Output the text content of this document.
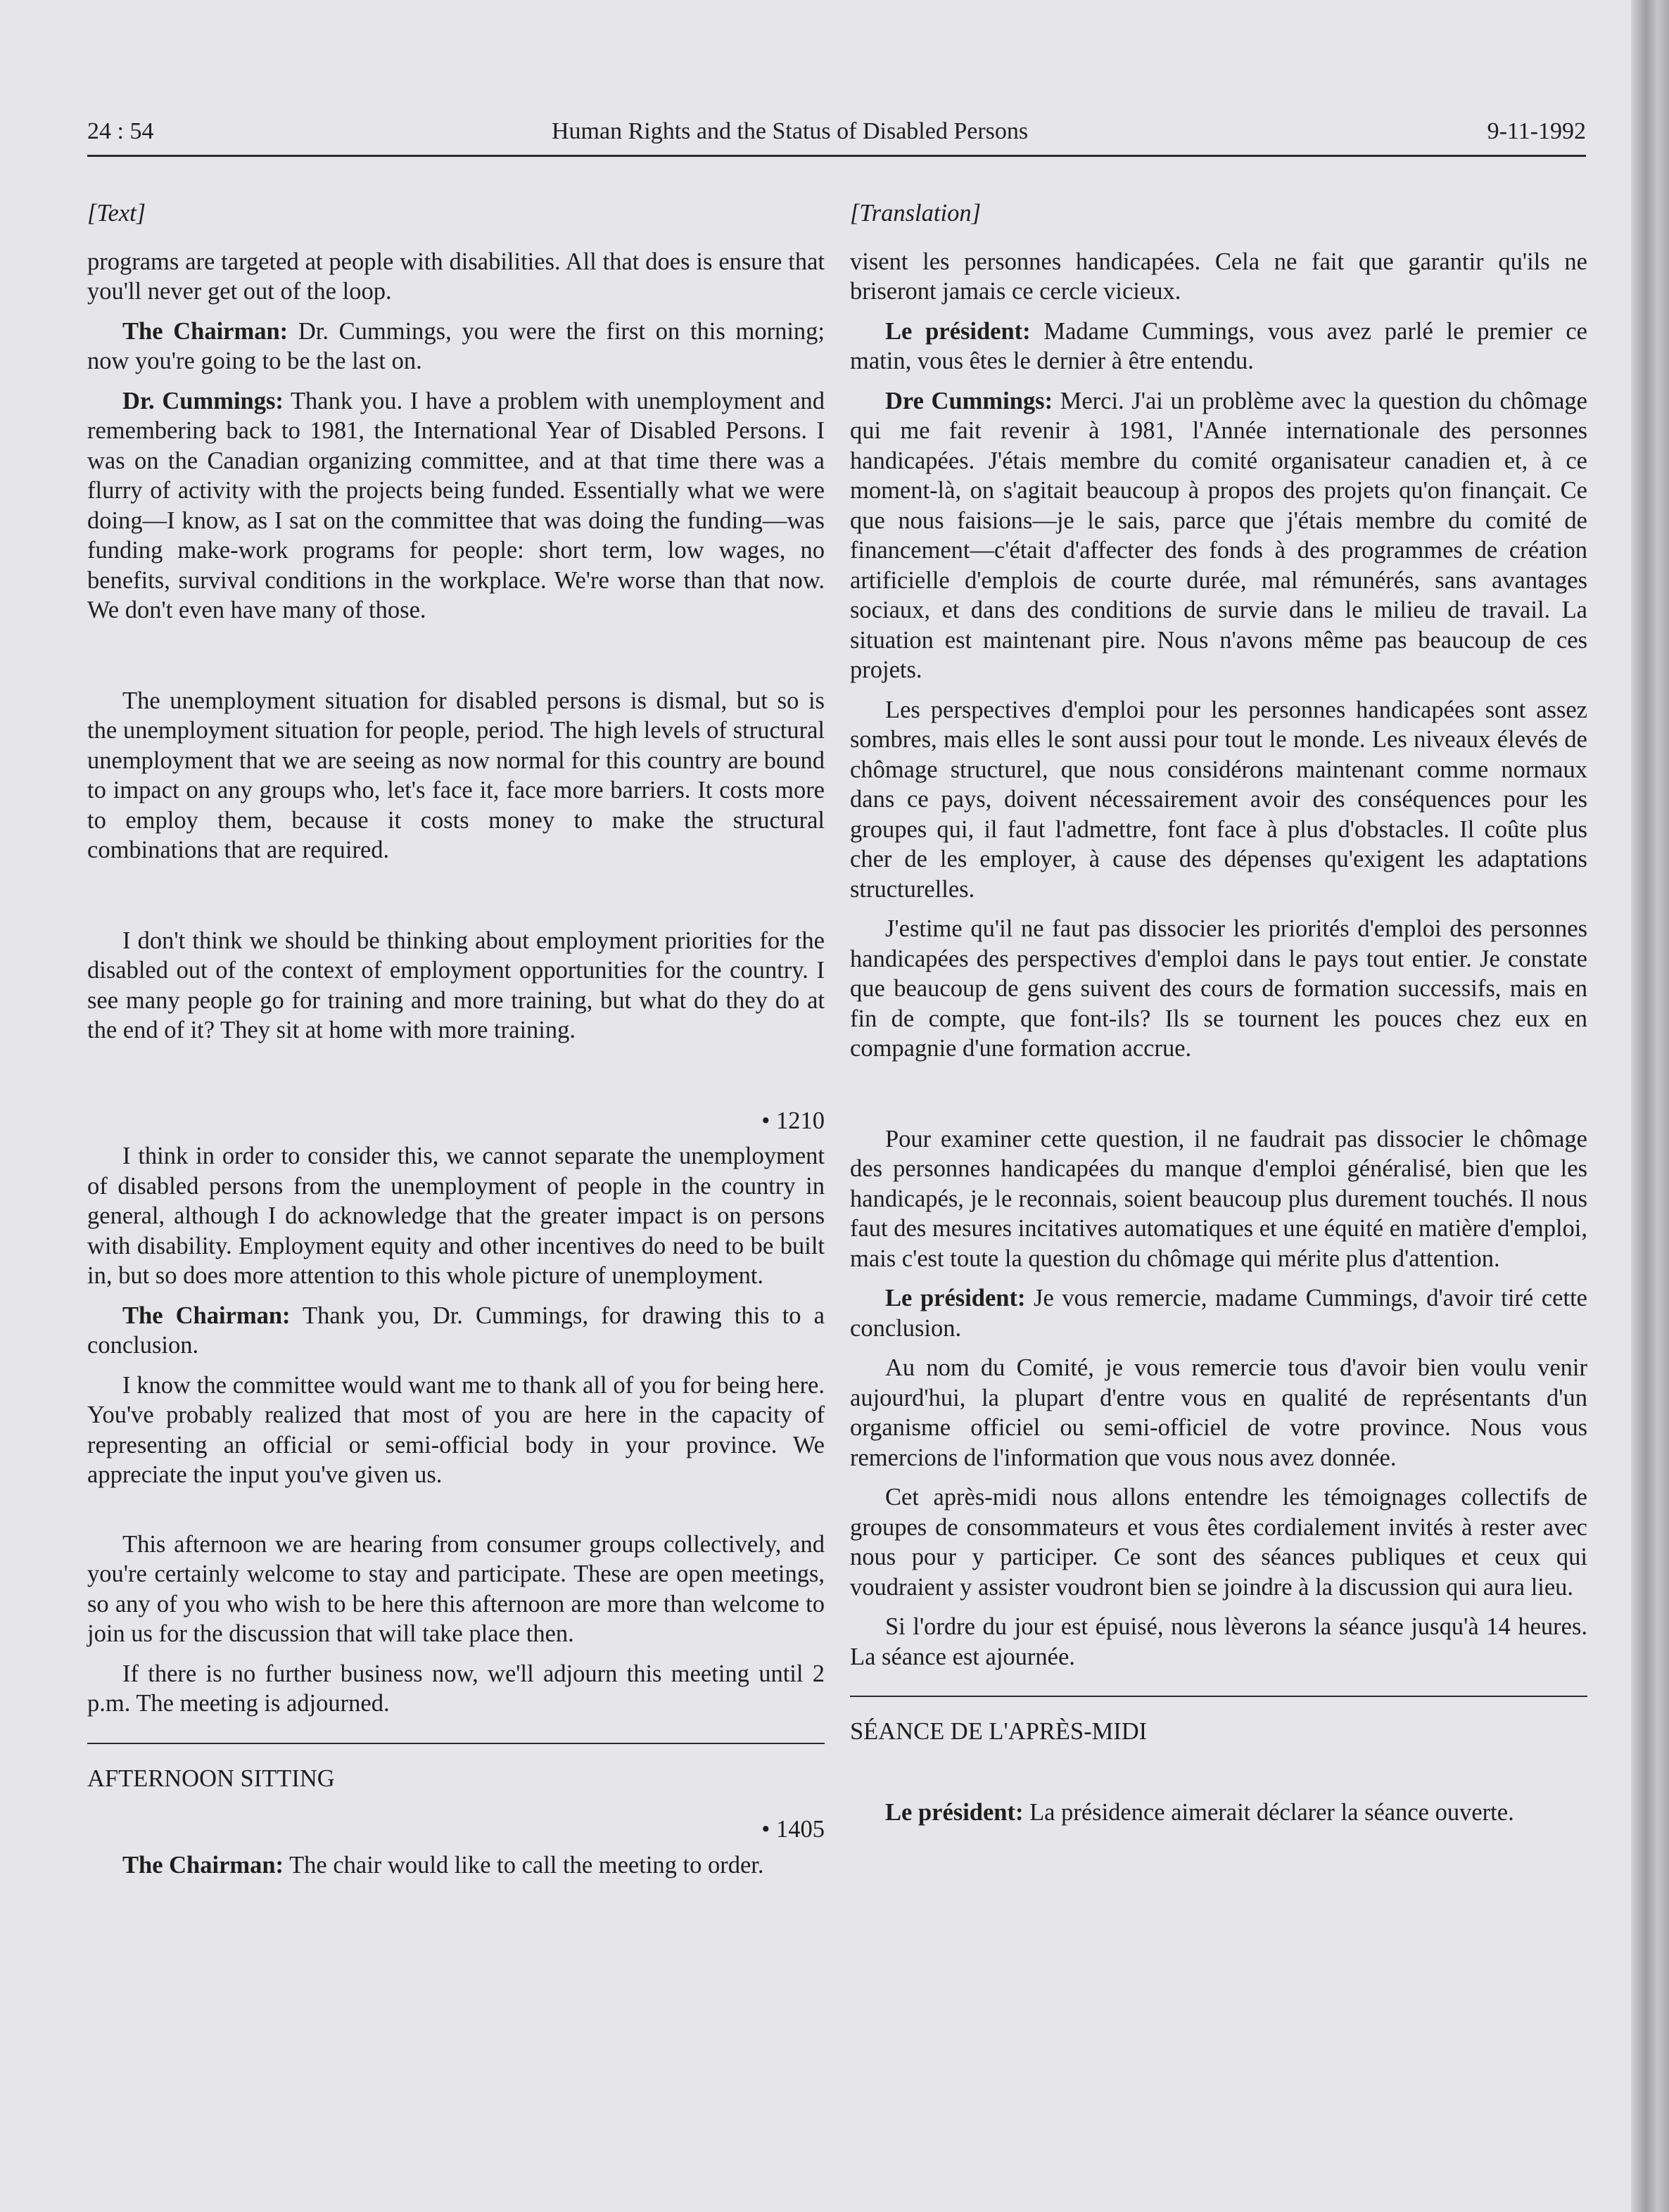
24 : 54	Human Rights and the Status of Disabled Persons	9-11-1992

[Text]

programs are targeted at people with disabilities. All that does is ensure that you'll never get out of the loop.

The Chairman: Dr. Cummings, you were the first on this morning; now you're going to be the last on.

Dr. Cummings: Thank you. I have a problem with unemployment and remembering back to 1981, the International Year of Disabled Persons. I was on the Canadian organizing committee, and at that time there was a flurry of activity with the projects being funded. Essentially what we were doing—I know, as I sat on the committee that was doing the funding—was funding make-work programs for people: short term, low wages, no benefits, survival conditions in the workplace. We're worse than that now. We don't even have many of those.

The unemployment situation for disabled persons is dismal, but so is the unemployment situation for people, period. The high levels of structural unemployment that we are seeing as now normal for this country are bound to impact on any groups who, let's face it, face more barriers. It costs more to employ them, because it costs money to make the structural combinations that are required.

I don't think we should be thinking about employment priorities for the disabled out of the context of employment opportunities for the country. I see many people go for training and more training, but what do they do at the end of it? They sit at home with more training.

• 1210

I think in order to consider this, we cannot separate the unemployment of disabled persons from the unemployment of people in the country in general, although I do acknowledge that the greater impact is on persons with disability. Employment equity and other incentives do need to be built in, but so does more attention to this whole picture of unemployment.

The Chairman: Thank you, Dr. Cummings, for drawing this to a conclusion.

I know the committee would want me to thank all of you for being here. You've probably realized that most of you are here in the capacity of representing an official or semi-official body in your province. We appreciate the input you've given us.

This afternoon we are hearing from consumer groups collectively, and you're certainly welcome to stay and participate. These are open meetings, so any of you who wish to be here this afternoon are more than welcome to join us for the discussion that will take place then.

If there is no further business now, we'll adjourn this meeting until 2 p.m. The meeting is adjourned.

AFTERNOON SITTING

• 1405

The Chairman: The chair would like to call the meeting to order.

[Translation]

visent les personnes handicapées. Cela ne fait que garantir qu'ils ne briseront jamais ce cercle vicieux.

Le président: Madame Cummings, vous avez parlé le premier ce matin, vous êtes le dernier à être entendu.

Dre Cummings: Merci. J'ai un problème avec la question du chômage qui me fait revenir à 1981, l'Année internationale des personnes handicapées. J'étais membre du comité organisateur canadien et, à ce moment-là, on s'agitait beaucoup à propos des projets qu'on finançait. Ce que nous faisions—je le sais, parce que j'étais membre du comité de financement—c'était d'affecter des fonds à des programmes de création artificielle d'emplois de courte durée, mal rémunérés, sans avantages sociaux, et dans des conditions de survie dans le milieu de travail. La situation est maintenant pire. Nous n'avons même pas beaucoup de ces projets.

Les perspectives d'emploi pour les personnes handicapées sont assez sombres, mais elles le sont aussi pour tout le monde. Les niveaux élevés de chômage structurel, que nous considérons maintenant comme normaux dans ce pays, doivent nécessairement avoir des conséquences pour les groupes qui, il faut l'admettre, font face à plus d'obstacles. Il coûte plus cher de les employer, à cause des dépenses qu'exigent les adaptations structurelles.

J'estime qu'il ne faut pas dissocier les priorités d'emploi des personnes handicapées des perspectives d'emploi dans le pays tout entier. Je constate que beaucoup de gens suivent des cours de formation successifs, mais en fin de compte, que font-ils? Ils se tournent les pouces chez eux en compagnie d'une formation accrue.

Pour examiner cette question, il ne faudrait pas dissocier le chômage des personnes handicapées du manque d'emploi généralisé, bien que les handicapés, je le reconnais, soient beaucoup plus durement touchés. Il nous faut des mesures incitatives automatiques et une équité en matière d'emploi, mais c'est toute la question du chômage qui mérite plus d'attention.

Le président: Je vous remercie, madame Cummings, d'avoir tiré cette conclusion.

Au nom du Comité, je vous remercie tous d'avoir bien voulu venir aujourd'hui, la plupart d'entre vous en qualité de représentants d'un organisme officiel ou semi-officiel de votre province. Nous vous remercions de l'information que vous nous avez donnée.

Cet après-midi nous allons entendre les témoignages collectifs de groupes de consommateurs et vous êtes cordialement invités à rester avec nous pour y participer. Ce sont des séances publiques et ceux qui voudraient y assister voudront bien se joindre à la discussion qui aura lieu.

Si l'ordre du jour est épuisé, nous lèverons la séance jusqu'à 14 heures. La séance est ajournée.

SÉANCE DE L'APRÈS-MIDI

Le président: La présidence aimerait déclarer la séance ouverte.
